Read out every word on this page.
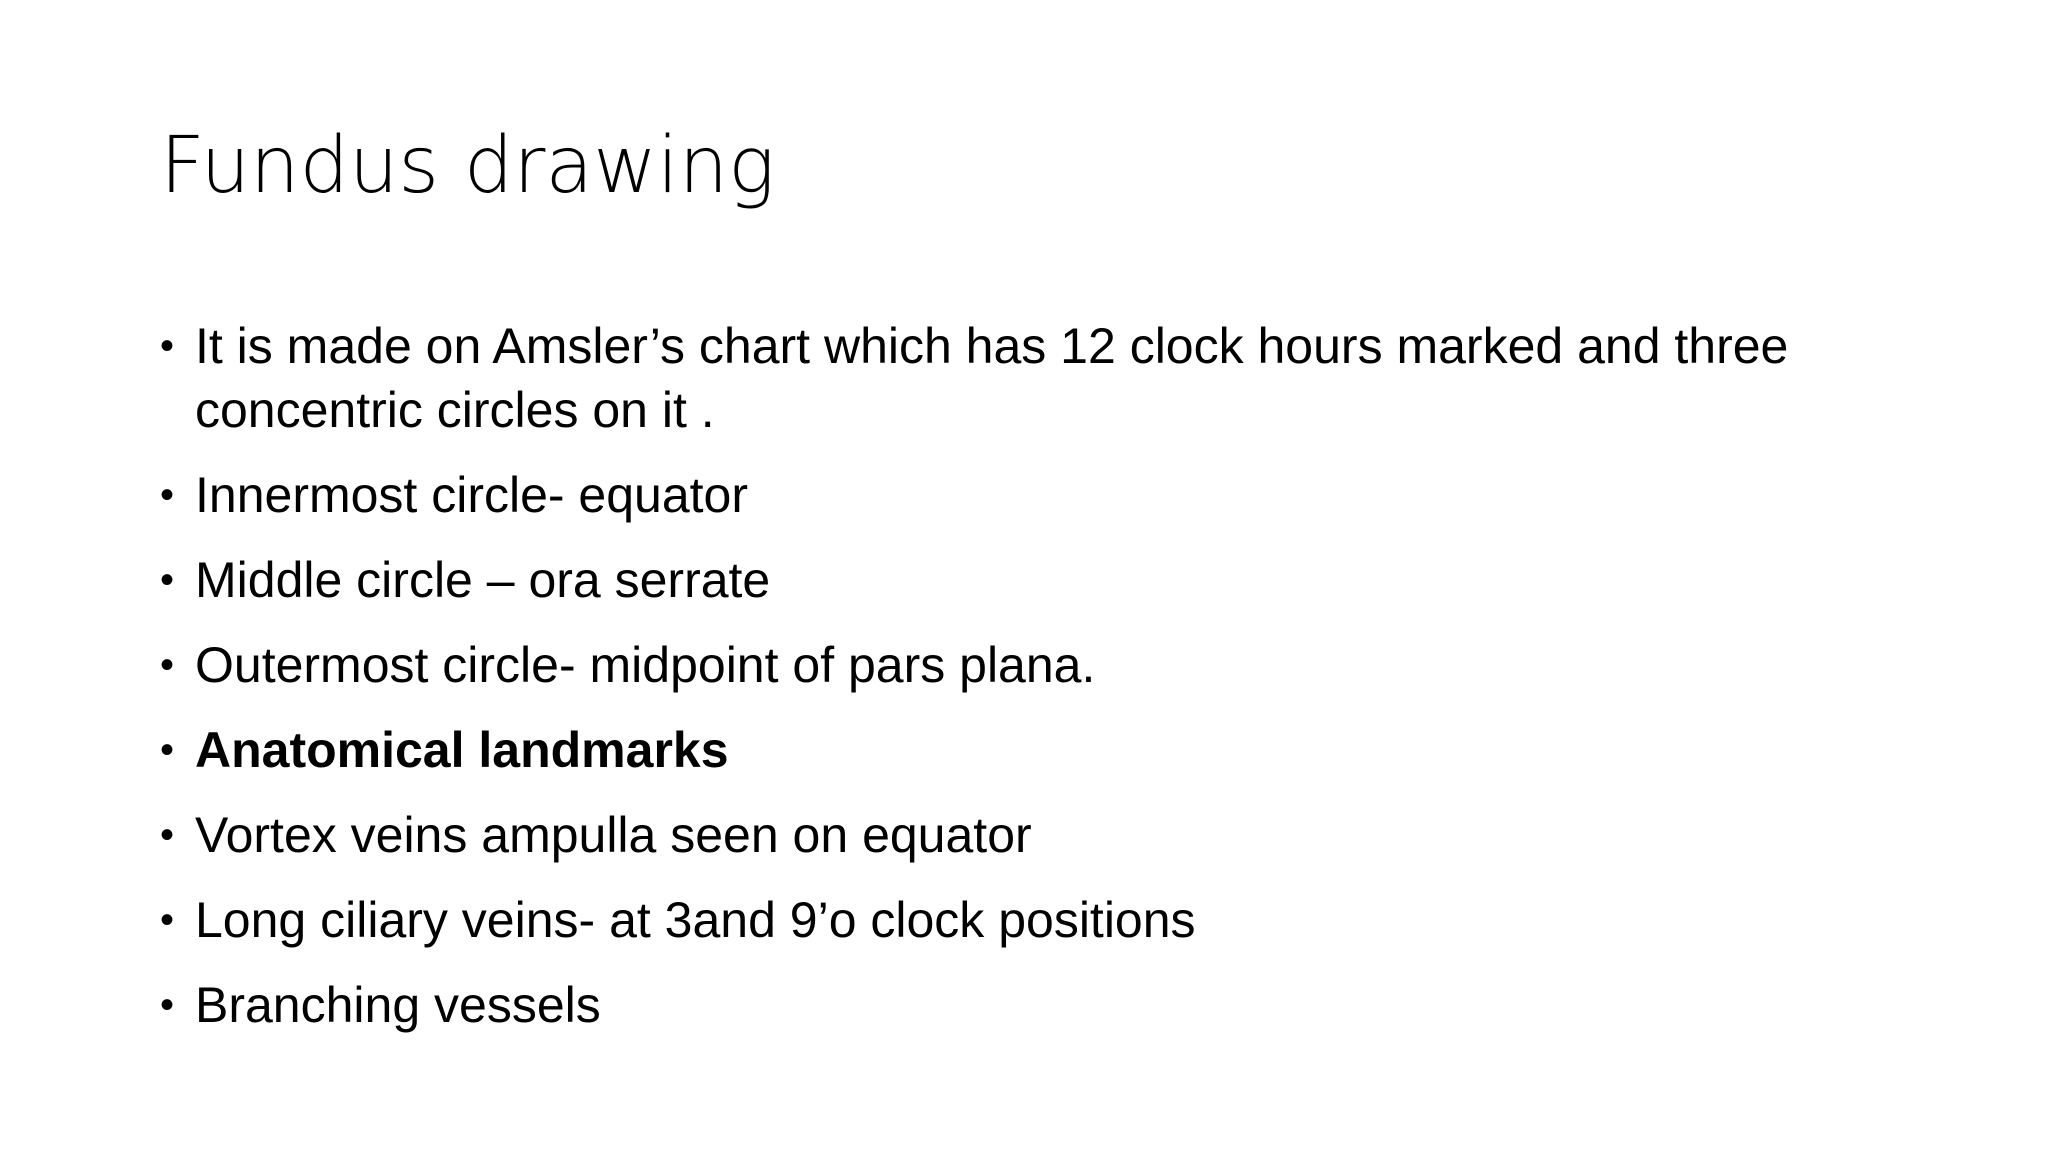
Fundus drawing
• It is made on Amsler’s chart which has 12 clock hours marked and three concentric circles on it .
• Innermost circle- equator
• Middle circle – ora serrate
• Outermost circle- midpoint of pars plana.
• Anatomical landmarks
• Vortex veins ampulla seen on equator
• Long ciliary veins- at 3and 9’o clock positions
• Branching vessels
